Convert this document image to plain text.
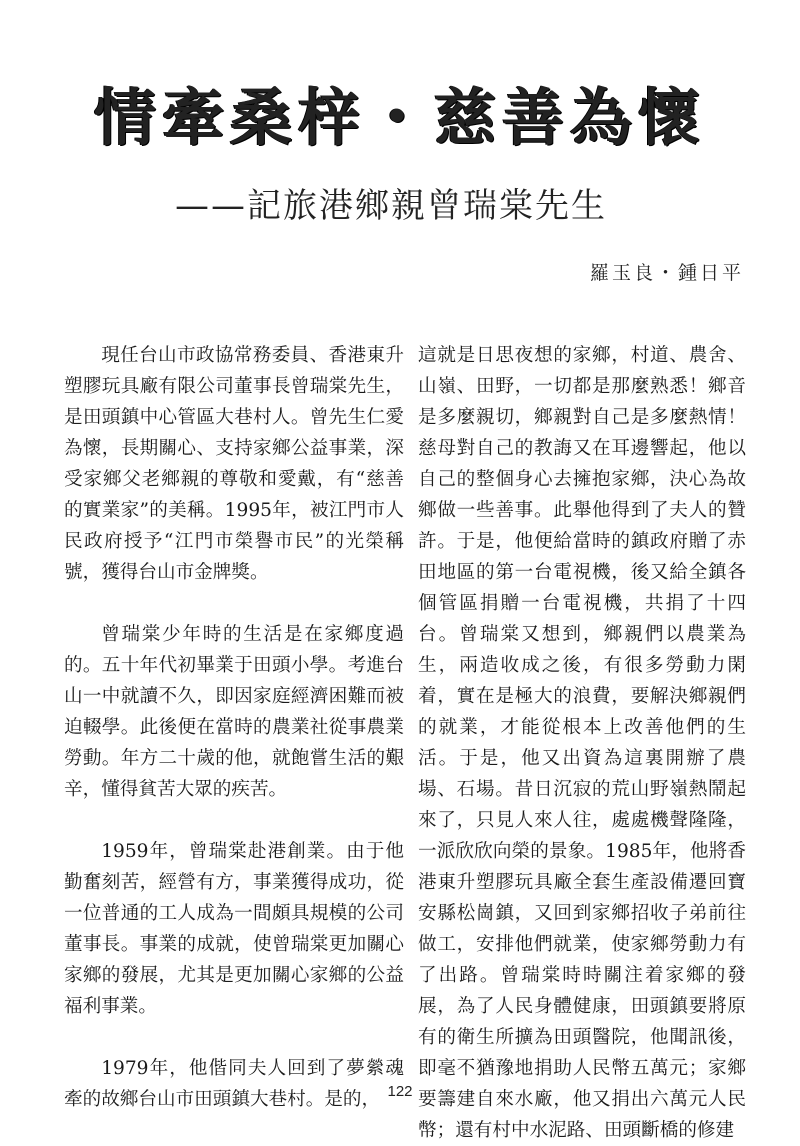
情牽桑梓・慈善為懷
——記旅港鄉親曾瑞棠先生
羅玉良・鍾日平

現任台山市政協常務委員、香港東升塑膠玩具廠有限公司董事長曾瑞棠先生，是田頭鎮中心管區大巷村人。曾先生仁愛為懷，長期關心、支持家鄉公益事業，深受家鄉父老鄉親的尊敬和愛戴，有“慈善的實業家”的美稱。1995年，被江門市人民政府授予“江門市榮譽市民”的光榮稱號，獲得台山市金牌獎。

曾瑞棠少年時的生活是在家鄉度過的。五十年代初畢業于田頭小學。考進台山一中就讀不久，即因家庭經濟困難而被迫輟學。此後便在當時的農業社從事農業勞動。年方二十歲的他，就飽嘗生活的艱辛，懂得貧苦大眾的疾苦。

1959年，曾瑞棠赴港創業。由于他勤奮刻苦，經營有方，事業獲得成功，從一位普通的工人成為一間頗具規模的公司董事長。事業的成就，使曾瑞棠更加關心家鄉的發展，尤其是更加關心家鄉的公益福利事業。

1979年，他偕同夫人回到了夢縈魂牽的故鄉台山市田頭鎮大巷村。是的，

這就是日思夜想的家鄉，村道、農舍、山嶺、田野，一切都是那麼熟悉！鄉音是多麼親切，鄉親對自己是多麼熱情！慈母對自己的教誨又在耳邊響起，他以自己的整個身心去擁抱家鄉，決心為故鄉做一些善事。此舉他得到了夫人的贊許。于是，他便給當時的鎮政府贈了赤田地區的第一台電視機，後又給全鎮各個管區捐贈一台電視機，共捐了十四台。曾瑞棠又想到，鄉親們以農業為生，兩造收成之後，有很多勞動力閑着，實在是極大的浪費，要解決鄉親們的就業，才能從根本上改善他們的生活。于是，他又出資為這裏開辦了農場、石場。昔日沉寂的荒山野嶺熱鬧起來了，只見人來人往，處處機聲隆隆，一派欣欣向榮的景象。1985年，他將香港東升塑膠玩具廠全套生產設備遷回寶安縣松崗鎮，又回到家鄉招收子弟前往做工，安排他們就業，使家鄉勞動力有了出路。曾瑞棠時時關注着家鄉的發展，為了人民身體健康，田頭鎮要將原有的衛生所擴為田頭醫院，他聞訊後，即毫不猶豫地捐助人民幣五萬元；家鄉要籌建自來水廠，他又捐出六萬元人民幣；還有村中水泥路、田頭斷橋的修建

122
